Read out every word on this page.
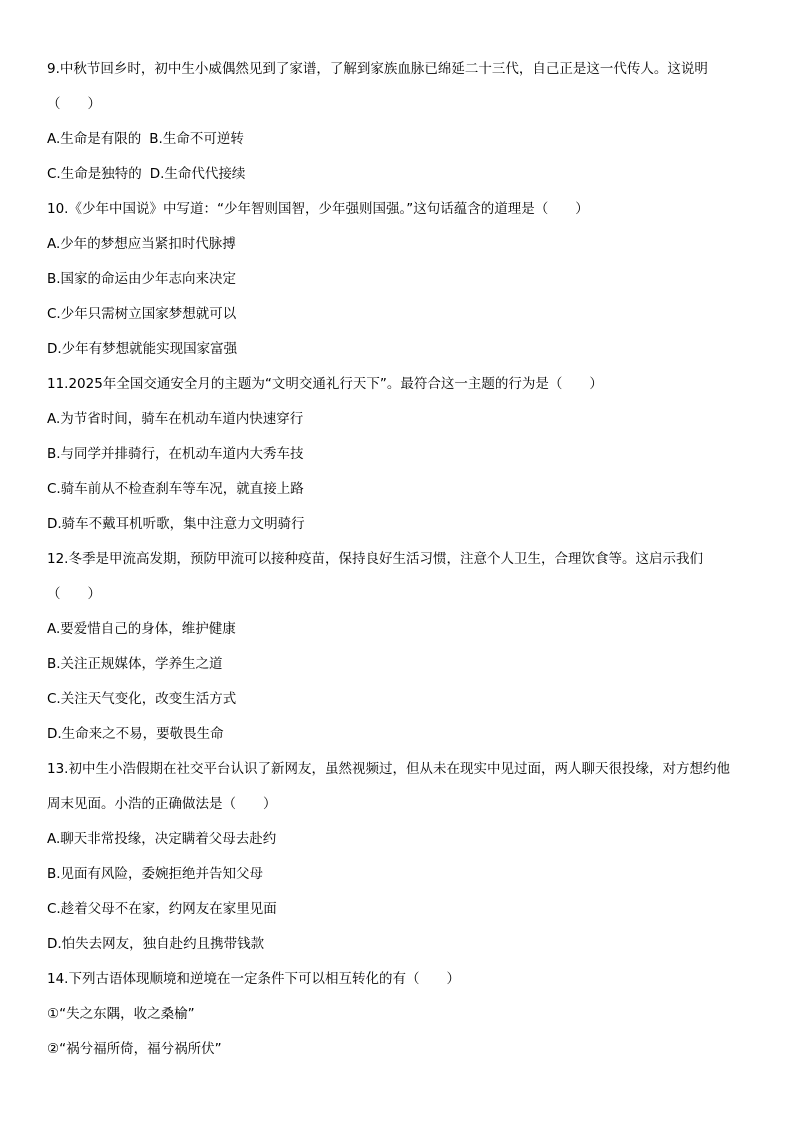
9.中秋节回乡时，初中生小威偶然见到了家谱，了解到家族血脉已绵延二十三代，自己正是这一代传人。这说明
（　　）
A.生命是有限的 B.生命不可逆转
C.生命是独特的 D.生命代代接续
10.《少年中国说》中写道：“少年智则国智，少年强则国强。”这句话蕴含的道理是（　　）
A.少年的梦想应当紧扣时代脉搏
B.国家的命运由少年志向来决定
C.少年只需树立国家梦想就可以
D.少年有梦想就能实现国家富强
11.2025年全国交通安全月的主题为“文明交通礼行天下”。最符合这一主题的行为是（　　）
A.为节省时间，骑车在机动车道内快速穿行
B.与同学并排骑行，在机动车道内大秀车技
C.骑车前从不检查刹车等车况，就直接上路
D.骑车不戴耳机听歌，集中注意力文明骑行
12.冬季是甲流高发期，预防甲流可以接种疫苗，保持良好生活习惯，注意个人卫生，合理饮食等。这启示我们
（　　）
A.要爱惜自己的身体，维护健康
B.关注正规媒体，学养生之道
C.关注天气变化，改变生活方式
D.生命来之不易，要敬畏生命
13.初中生小浩假期在社交平台认识了新网友，虽然视频过，但从未在现实中见过面，两人聊天很投缘，对方想约他
周末见面。小浩的正确做法是（　　）
A.聊天非常投缘，决定瞒着父母去赴约
B.见面有风险，委婉拒绝并告知父母
C.趁着父母不在家，约网友在家里见面
D.怕失去网友，独自赴约且携带钱款
14.下列古语体现顺境和逆境在一定条件下可以相互转化的有（　　）
①“失之东隅，收之桑榆”
②“祸兮福所倚，福兮祸所伏”
